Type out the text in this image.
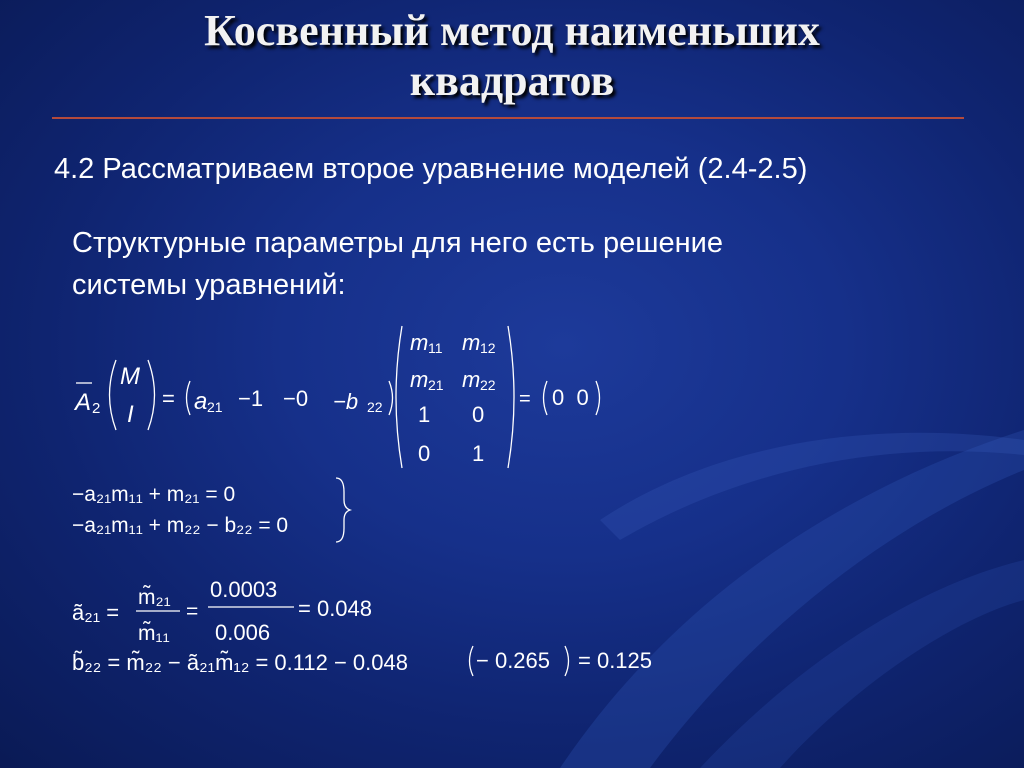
Косвенный метод наименьших
квадратов
4.2 Рассматриваем второе уравнение моделей (2.4-2.5)
Структурные параметры для него есть решение
системы уравнений:
A 2
M
I
= a 21 −1 −0 −b 22
m 11 m 12
m 21 m 22
1 0
0 1
= 0  0
−a₂₁m₁₁ + m₂₁ = 0
−a₂₁m₁₁ + m₂₂ − b₂₂ = 0
ã₂₁ =
m̃₂₁
m̃₁₁
=
0.0003
0.006
= 0.048
b̃₂₂ = m̃₂₂ − ã₂₁m̃₁₂ = 0.112 − 0.048	− 0.265 = 0.125
